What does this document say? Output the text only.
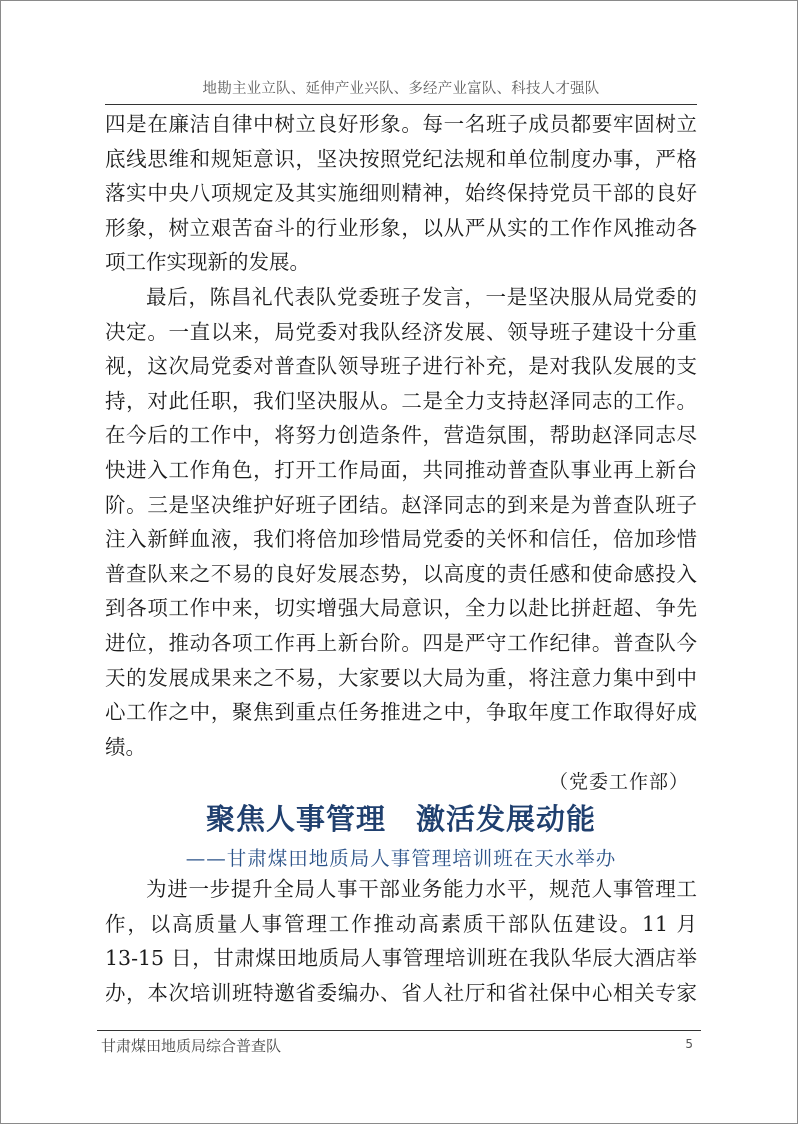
地勘主业立队、延伸产业兴队、多经产业富队、科技人才强队
四是在廉洁自律中树立良好形象。每一名班子成员都要牢固树立
底线思维和规矩意识，坚决按照党纪法规和单位制度办事，严格
落实中央八项规定及其实施细则精神，始终保持党员干部的良好
形象，树立艰苦奋斗的行业形象，以从严从实的工作作风推动各
项工作实现新的发展。
最后，陈昌礼代表队党委班子发言，一是坚决服从局党委的
决定。一直以来，局党委对我队经济发展、领导班子建设十分重
视，这次局党委对普查队领导班子进行补充，是对我队发展的支
持，对此任职，我们坚决服从。二是全力支持赵泽同志的工作。
在今后的工作中，将努力创造条件，营造氛围，帮助赵泽同志尽
快进入工作角色，打开工作局面，共同推动普查队事业再上新台
阶。三是坚决维护好班子团结。赵泽同志的到来是为普查队班子
注入新鲜血液，我们将倍加珍惜局党委的关怀和信任，倍加珍惜
普查队来之不易的良好发展态势，以高度的责任感和使命感投入
到各项工作中来，切实增强大局意识，全力以赴比拼赶超、争先
进位，推动各项工作再上新台阶。四是严守工作纪律。普查队今
天的发展成果来之不易，大家要以大局为重，将注意力集中到中
心工作之中，聚焦到重点任务推进之中，争取年度工作取得好成
绩。
（党委工作部）
聚焦人事管理　激活发展动能
——甘肃煤田地质局人事管理培训班在天水举办
为进一步提升全局人事干部业务能力水平，规范人事管理工
作，以高质量人事管理工作推动高素质干部队伍建设。11 月
13-15 日，甘肃煤田地质局人事管理培训班在我队华辰大酒店举
办，本次培训班特邀省委编办、省人社厅和省社保中心相关专家
甘肃煤田地质局综合普查队	5
